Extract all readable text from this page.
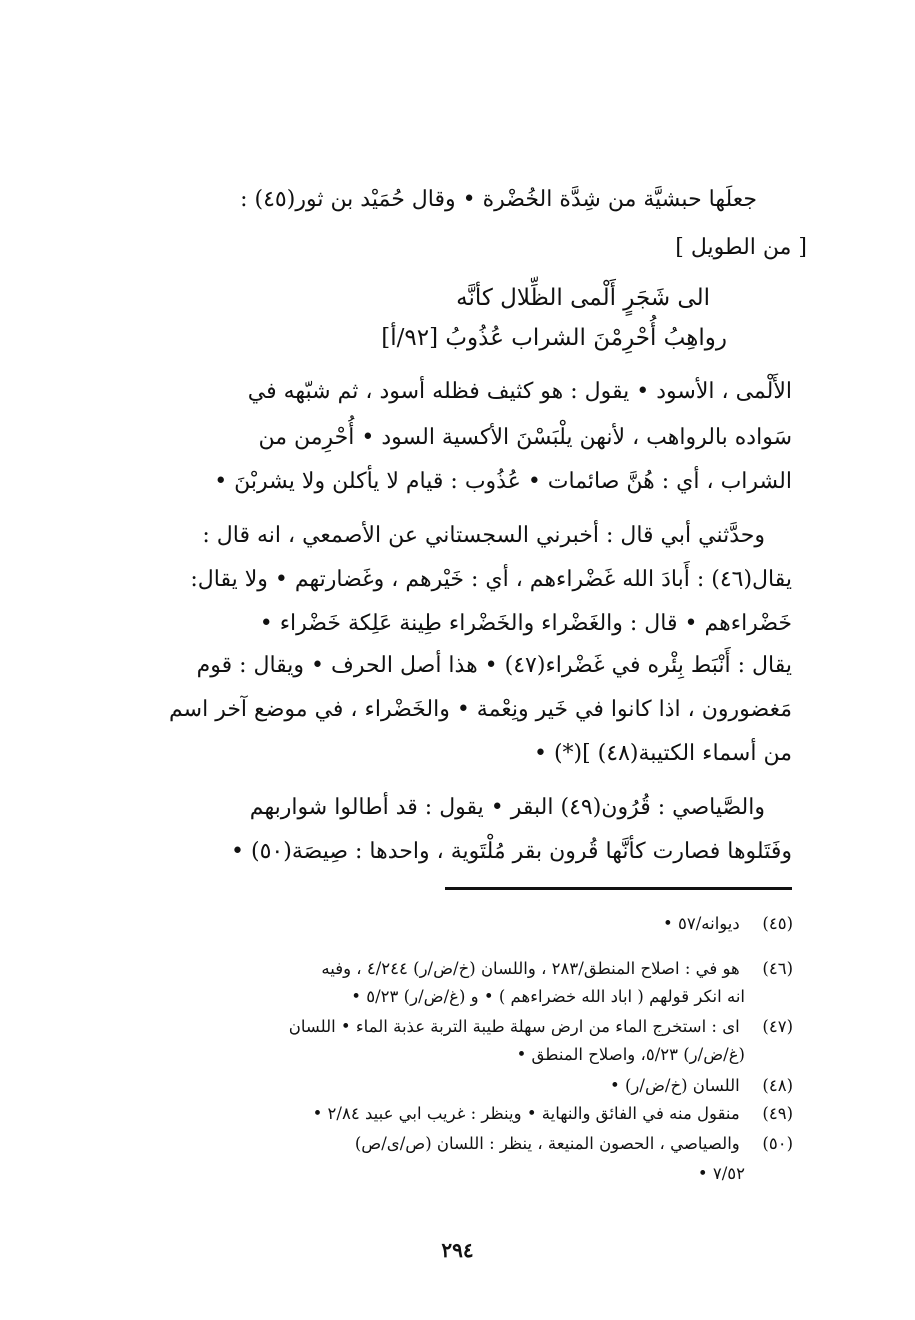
جعلَها حبشيَّة من شِدَّة الخُضْرة • وقال حُمَيْد بن ثور(٤٥) :
[ من الطويل ]
الى شَجَرٍ أَلْمى الظِّلال كأنَّه
رواهِبُ أُحْرِمْنَ الشراب عُذُوبُ [٩٢/أ]
الأَلْمى ، الأسود • يقول : هو كثيف فظله أسود ، ثم شبّهه في
سَواده بالرواهب ، لأنهن يلْبَسْنَ الأكسية السود • أُحْرِمن من
الشراب ، أي : هُنَّ صائمات • عُذُوب : قيام لا يأكلن ولا يشربْنَ •
وحدَّثني أبي قال : أخبرني السجستاني عن الأصمعي ، انه قال :
يقال(٤٦) : أَبادَ الله غَضْراءهم ، أي : خَيْرهم ، وغَضارتهم • ولا يقال:
خَضْراءهم • قال : والغَضْراء والخَضْراء طِينة عَلِكة خَضْراء •
يقال : أَنْبَط بِئْره في غَضْراء(٤٧) • هذا أصل الحرف • ويقال : قوم
مَغضورون ، اذا كانوا في خَير ونِعْمة • والخَضْراء ، في موضع آخر اسم
من أسماء الكتيبة(٤٨) ](*) •
والصَّياصي : قُرُون(٤٩) البقر • يقول : قد أطالوا شواربهم
وفَتَلوها فصارت كأنَّها قُرون بقر مُلْتَوية ، واحدها : صِيصَة(٥٠) •
(٤٥) ديوانه/٥٧ •
(٤٦) هو في : اصلاح المنطق/٢٨٣ ، واللسان (خ/ض/ر) ٤/٢٤٤ ، وفيه
انه انكر قولهم ( اباد الله خضراءهم ) • و (غ/ض/ر) ٥/٢٣ •
(٤٧) اى : استخرج الماء من ارض سهلة طيبة التربة عذبة الماء • اللسان
(غ/ض/ر) ٥/٢٣، واصلاح المنطق •
(٤٨) اللسان (خ/ض/ر) •
(٤٩) منقول منه في الفائق والنهاية • وينظر : غريب ابي عبيد ٢/٨٤ •
(٥٠) والصياصي ، الحصون المنيعة ، ينظر : اللسان (ص/ى/ص)
٧/٥٢ •
٢٩٤
